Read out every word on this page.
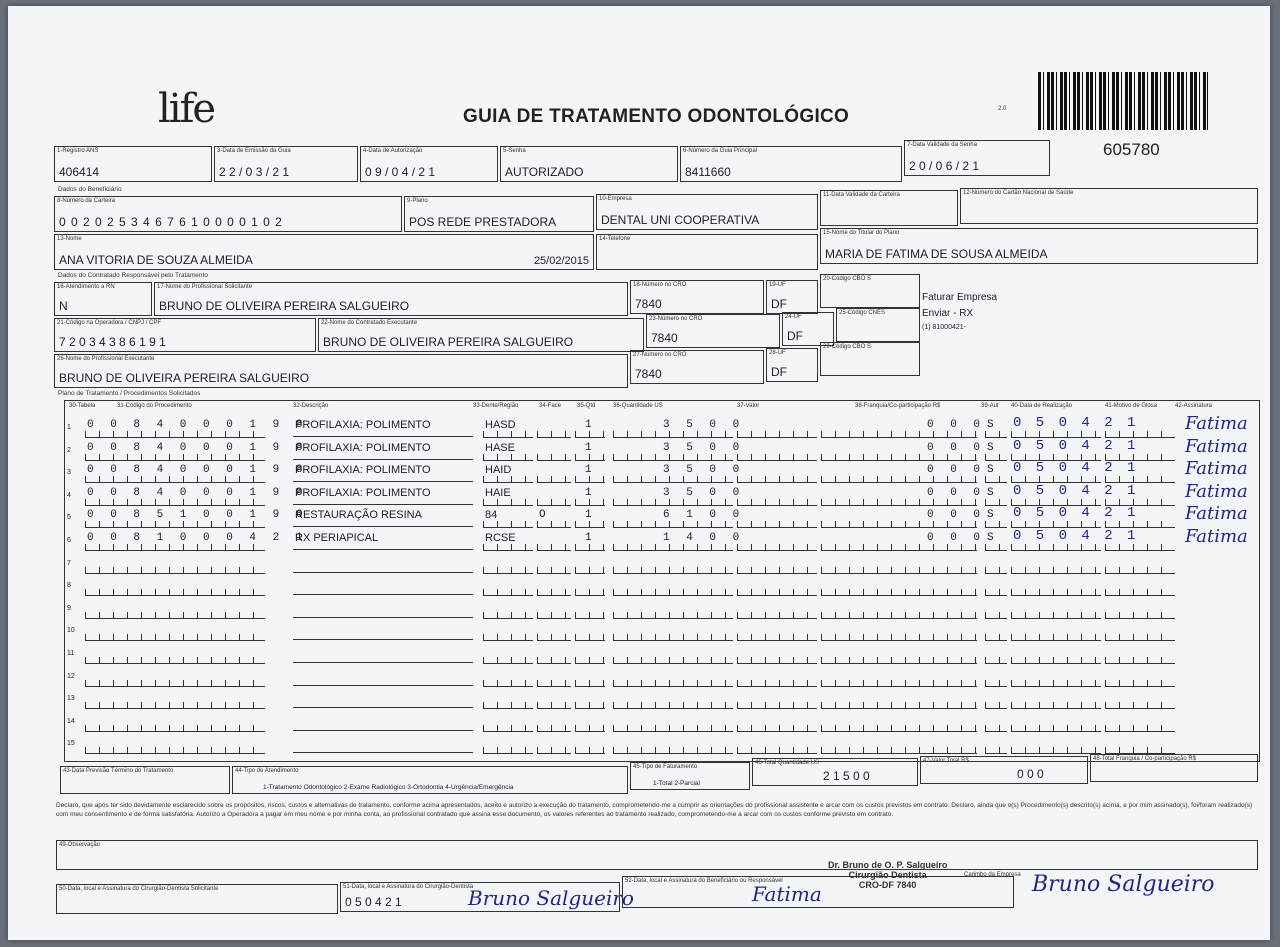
life	GUIA DE TRATAMENTO ODONTOLÓGICO	2.0
605780
1-Registro ANS
406414
3-Data de Emissão da Guia
2 2 / 0 3 / 2 1
4-Data de Autorização
0 9 / 0 4 / 2 1
5-Senha
AUTORIZADO
6-Número da Guia Principal
8411660
7-Data Validade da Senha
2 0 / 0 6 / 2 1
Dados do Beneficiário
8-Número da Carteira
0 0 2 0 2 5 3 4 6 7 6 1 0 0 0 0 1 0 2
9-Plano
POS REDE PRESTADORA
10-Empresa
DENTAL UNI COOPERATIVA
11-Data Validade da Carteira	12-Número do Cartão Nacional de Saúde
13-Nome
ANA VITORIA DE SOUZA ALMEIDA	25/02/2015
14-Telefone
15-Nome do Titular do Plano
MARIA DE FATIMA DE SOUSA ALMEIDA
Dados do Contratado Responsável pelo Tratamento
16-Atendimento a RN
N
17-Nome do Profissional Solicitante
BRUNO DE OLIVEIRA PEREIRA SALGUEIRO
18-Número no CRO
7840
19-UF
DF
20-Código CBO S
21-Código na Operadora / CNPJ / CPF
7 2 0 3 4 3 8 6 1 9 1
22-Nome do Contratado Executante
BRUNO DE OLIVEIRA PEREIRA SALGUEIRO
23-Número no CRO
7840
24-UF
DF
25-Código CNES
26-Nome do Profissional Executante
BRUNO DE OLIVEIRA PEREIRA SALGUEIRO
27-Número no CRO
7840
28-UF
DF
29-Código CBO S
Faturar Empresa
Enviar - RX
(1) 81000421-
Plano de Tratamento / Procedimentos Solicitados
30-Tabela	31-Código do Procedimento	32-Descrição	33-Dente/Região	34-Face	35-Qtd	36-Quantidade US	37-Valor	38-Franquia/Co-participação R$	39-Aut 40-Data de Realização	41-Motivo de Glosa	42-Assinatura
1 0 0 8 4 0 0 0 1 9 8
PROFILAXIA: POLIMENTO	HASD	1	3 5 0 0	0 0 0 S 0 5 0 4 2 1	Fatima
2 0 0 8 4 0 0 0 1 9 8
PROFILAXIA: POLIMENTO	HASE	1	3 5 0 0	0 0 0 S 0 5 0 4 2 1	Fatima
3 0 0 8 4 0 0 0 1 9 8
PROFILAXIA: POLIMENTO	HAID	1	3 5 0 0	0 0 0 S 0 5 0 4 2 1	Fatima
4 0 0 8 4 0 0 0 1 9 8
PROFILAXIA: POLIMENTO	HAIE	1	3 5 0 0	0 0 0 S 0 5 0 4 2 1	Fatima
5 0 0 8 5 1 0 0 1 9 6
RESTAURAÇÃO RESINA	84	O	1	6 1 0 0	0 0 0 S 0 5 0 4 2 1	Fatima
6 0 0 8 1 0 0 0 4 2 1
RX PERIAPICAL	RCSE	1	1 4 0 0	0 0 0 S 0 5 0 4 2 1	Fatima
7
8
9
10
11
12
13
14
15
43-Data Previsão Término do Tratamento	44-Tipo de Atendimento
1-Tratamento Odontológico 2-Exame Radiológico 3-Ortodontia 4-Urgência/Emergência
45-Tipo de Faturamento
1-Total 2-Parcial
46-Total Quantidade US
2 1 5 0 0
47-Valor Total R$
0 0 0
48-Total Franquia / Co-participação R$
Declaro, que após ter sido devidamente esclarecido sobre os propósitos, riscos, custos e alternativas de tratamento, conforme acima apresentados, aceito e autorizo a execução do tratamento, comprometendo-me a cumprir as orientações do profissional assistente e arcar com os custos previstos em contrato. Declaro, ainda que o(s) Procedimento(s) descrito(s) acima, e por mim assinado(s), foi/foram realizado(s) com meu consentimento e de forma satisfatória. Autorizo a Operadora a pagar em meu nome e por minha conta, ao profissional contratado que assina esse documento, os valores referentes ao tratamento realizado, comprometendo-me a arcar com os custos conforme previsto em contrato.
49-Observação
50-Data, local e Assinatura do Cirurgião-Dentista Solicitante	51-Data, local e Assinatura do Cirurgião-Dentista
0 5 0 4 2 1
52-Data, local e Assinatura do Beneficiário ou Responsável
Carimbo da Empresa
Dr. Bruno de O. P. Salgueiro
Cirurgião Dentista
CRO-DF 7840
Bruno Salgueiro	Fatima	Bruno Salgueiro
